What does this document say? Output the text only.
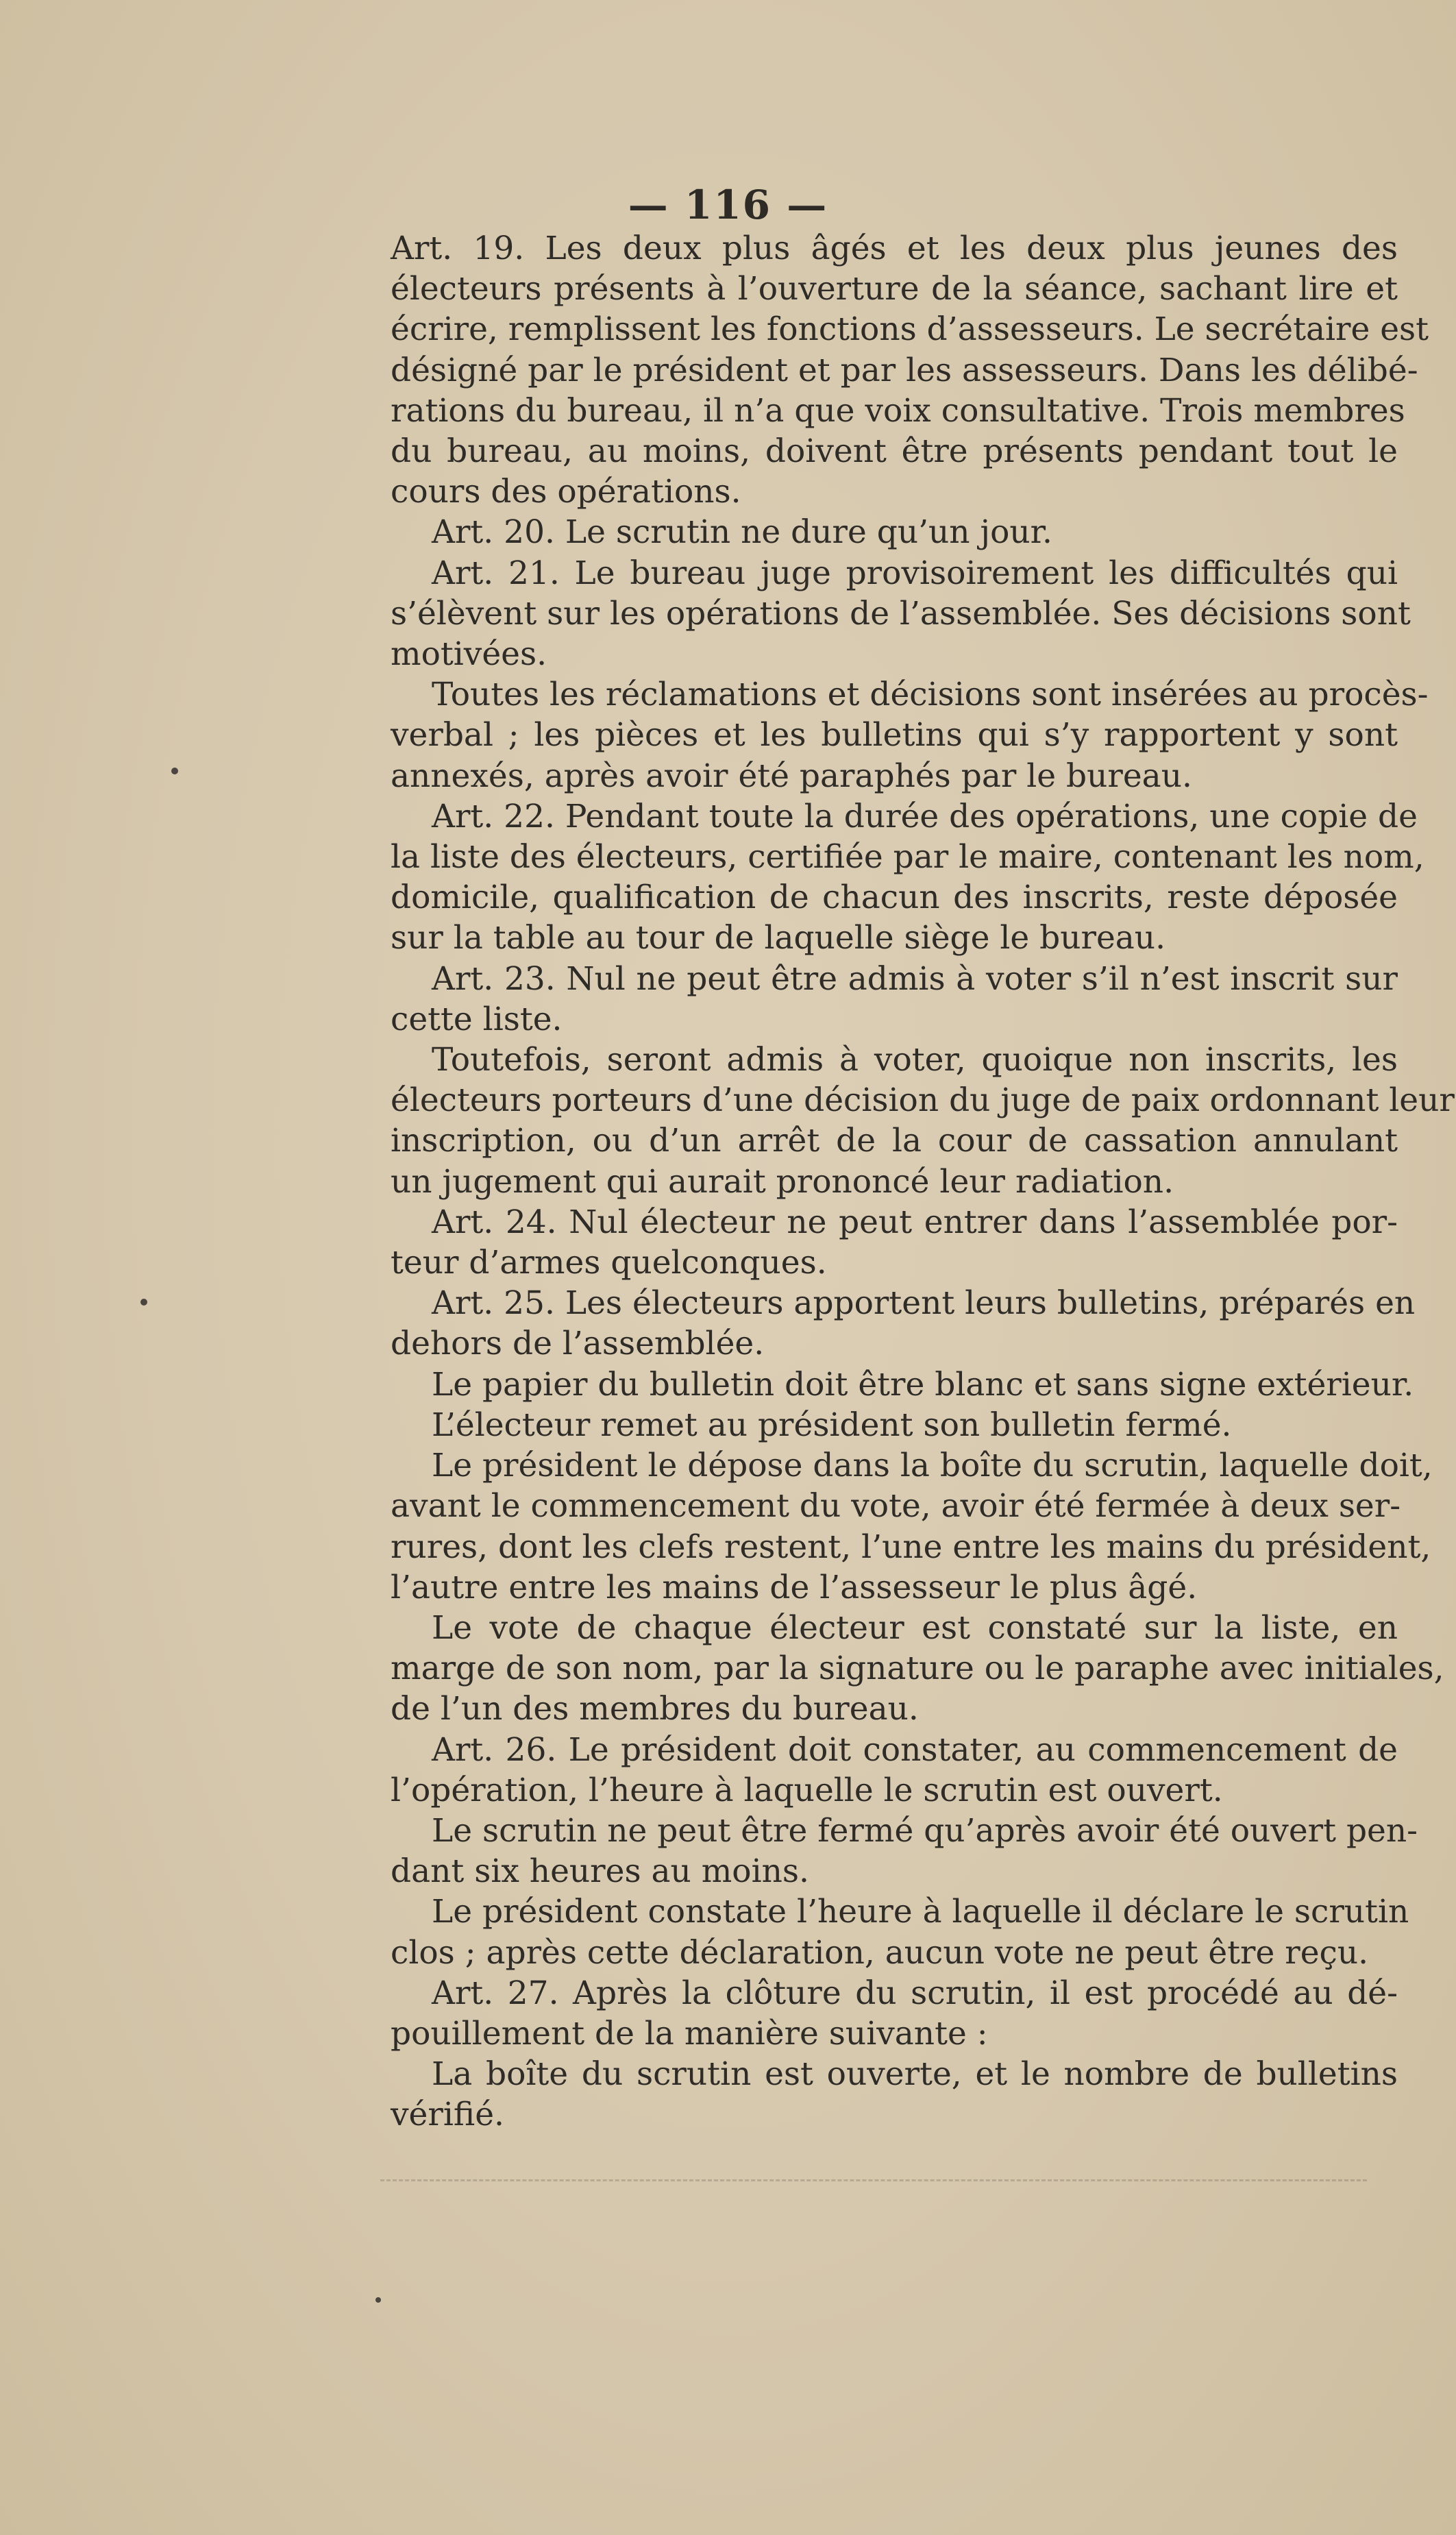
— 116 —
Art. 19. Les deux plus âgés et les deux plus jeunes des
électeurs présents à l’ouverture de la séance, sachant lire et
écrire, remplissent les fonctions d’assesseurs. Le secrétaire est
désigné par le président et par les assesseurs. Dans les délibé-
rations du bureau, il n’a que voix consultative. Trois membres
du bureau, au moins, doivent être présents pendant tout le
cours des opérations.
Art. 20. Le scrutin ne dure qu’un jour.
Art. 21. Le bureau juge provisoirement les difficultés qui
s’élèvent sur les opérations de l’assemblée. Ses décisions sont
motivées.
Toutes les réclamations et décisions sont insérées au procès-
verbal ; les pièces et les bulletins qui s’y rapportent y sont
annexés, après avoir été paraphés par le bureau.
Art. 22. Pendant toute la durée des opérations, une copie de
la liste des électeurs, certifiée par le maire, contenant les nom,
domicile, qualification de chacun des inscrits, reste déposée
sur la table au tour de laquelle siège le bureau.
Art. 23. Nul ne peut être admis à voter s’il n’est inscrit sur
cette liste.
Toutefois, seront admis à voter, quoique non inscrits, les
électeurs porteurs d’une décision du juge de paix ordonnant leur
inscription, ou d’un arrêt de la cour de cassation annulant
un jugement qui aurait prononcé leur radiation.
Art. 24. Nul électeur ne peut entrer dans l’assemblée por-
teur d’armes quelconques.
Art. 25. Les électeurs apportent leurs bulletins, préparés en
dehors de l’assemblée.
Le papier du bulletin doit être blanc et sans signe extérieur.
L’électeur remet au président son bulletin fermé.
Le président le dépose dans la boîte du scrutin, laquelle doit,
avant le commencement du vote, avoir été fermée à deux ser-
rures, dont les clefs restent, l’une entre les mains du président,
l’autre entre les mains de l’assesseur le plus âgé.
Le vote de chaque électeur est constaté sur la liste, en
marge de son nom, par la signature ou le paraphe avec initiales,
de l’un des membres du bureau.
Art. 26. Le président doit constater, au commencement de
l’opération, l’heure à laquelle le scrutin est ouvert.
Le scrutin ne peut être fermé qu’après avoir été ouvert pen-
dant six heures au moins.
Le président constate l’heure à laquelle il déclare le scrutin
clos ; après cette déclaration, aucun vote ne peut être reçu.
Art. 27. Après la clôture du scrutin, il est procédé au dé-
pouillement de la manière suivante :
La boîte du scrutin est ouverte, et le nombre de bulletins
vérifié.
